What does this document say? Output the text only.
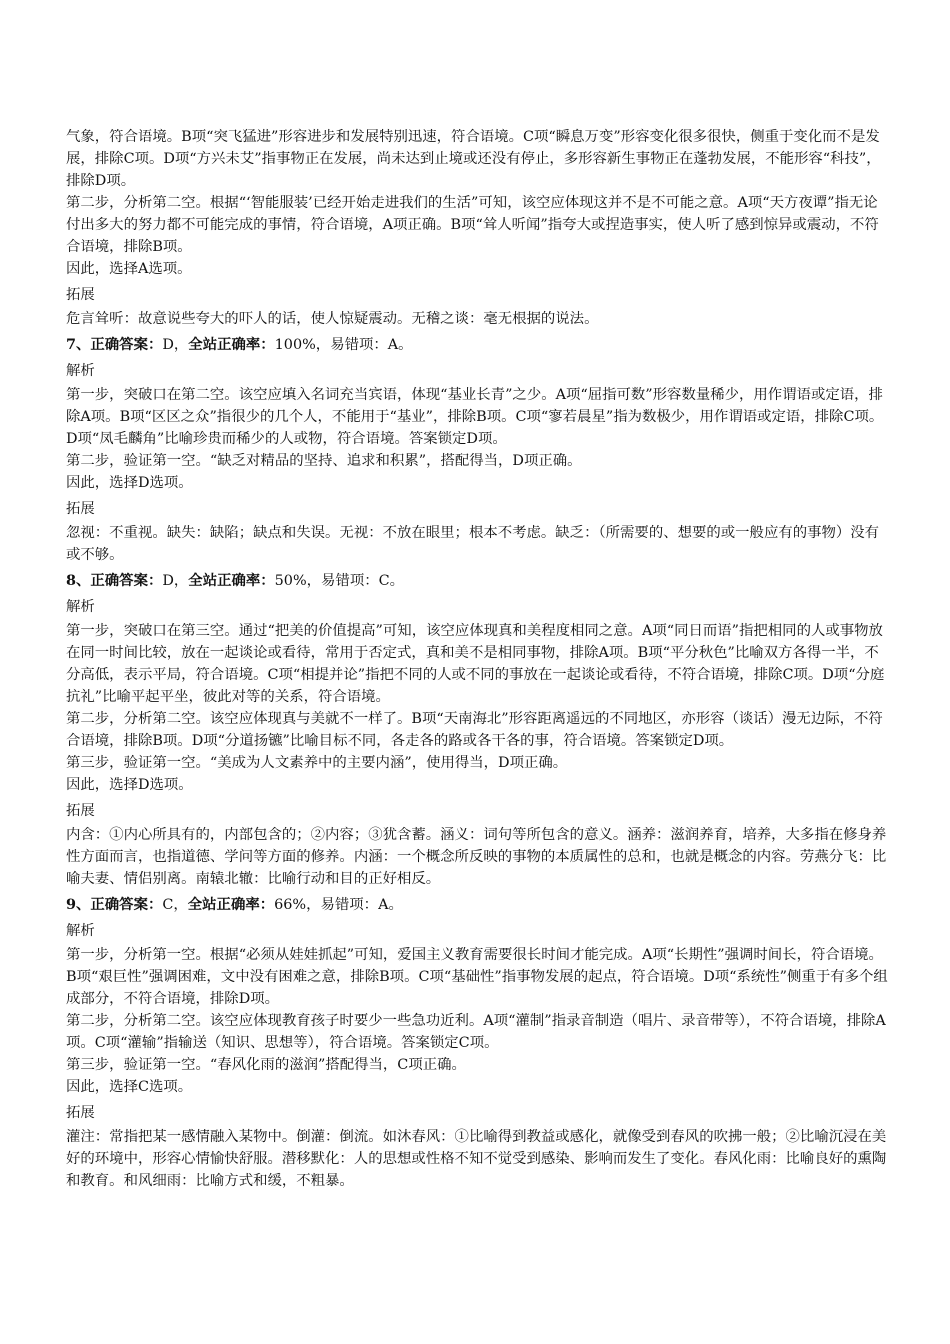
气象，符合语境。B项“突飞猛进”形容进步和发展特别迅速，符合语境。C项“瞬息万变”形容变化很多很快，侧重于变化而不是发展，排除C项。D项“方兴未艾”指事物正在发展，尚未达到止境或还没有停止，多形容新生事物正在蓬勃发展，不能形容“科技”，排除D项。

第二步，分析第二空。根据“‘智能服装’已经开始走进我们的生活”可知，该空应体现这并不是不可能之意。A项“天方夜谭”指无论付出多大的努力都不可能完成的事情，符合语境，A项正确。B项“耸人听闻”指夸大或捏造事实，使人听了感到惊异或震动，不符合语境，排除B项。

因此，选择A选项。

拓展

危言耸听：故意说些夸大的吓人的话，使人惊疑震动。无稽之谈：毫无根据的说法。

7、正确答案：D，全站正确率：100%，易错项：A。

解析

第一步，突破口在第二空。该空应填入名词充当宾语，体现“基业长青”之少。A项“屈指可数”形容数量稀少，用作谓语或定语，排除A项。B项“区区之众”指很少的几个人，不能用于“基业”，排除B项。C项“寥若晨星”指为数极少，用作谓语或定语，排除C项。D项“凤毛麟角”比喻珍贵而稀少的人或物，符合语境。答案锁定D项。

第二步，验证第一空。“缺乏对精品的坚持、追求和积累”，搭配得当，D项正确。

因此，选择D选项。

拓展

忽视：不重视。缺失：缺陷；缺点和失误。无视：不放在眼里；根本不考虑。缺乏：（所需要的、想要的或一般应有的事物）没有或不够。

8、正确答案：D，全站正确率：50%，易错项：C。

解析

第一步，突破口在第三空。通过“把美的价值提高”可知，该空应体现真和美程度相同之意。A项“同日而语”指把相同的人或事物放在同一时间比较，放在一起谈论或看待，常用于否定式，真和美不是相同事物，排除A项。B项“平分秋色”比喻双方各得一半，不分高低，表示平局，符合语境。C项“相提并论”指把不同的人或不同的事放在一起谈论或看待，不符合语境，排除C项。D项“分庭抗礼”比喻平起平坐，彼此对等的关系，符合语境。

第二步，分析第二空。该空应体现真与美就不一样了。B项“天南海北”形容距离遥远的不同地区，亦形容（谈话）漫无边际，不符合语境，排除B项。D项“分道扬镳”比喻目标不同，各走各的路或各干各的事，符合语境。答案锁定D项。

第三步，验证第一空。“美成为人文素养中的主要内涵”，使用得当，D项正确。

因此，选择D选项。

拓展

内含：①内心所具有的，内部包含的；②内容；③犹含蓄。涵义：词句等所包含的意义。涵养：滋润养育，培养，大多指在修身养性方面而言，也指道德、学问等方面的修养。内涵：一个概念所反映的事物的本质属性的总和，也就是概念的内容。劳燕分飞：比喻夫妻、情侣别离。南辕北辙：比喻行动和目的正好相反。

9、正确答案：C，全站正确率：66%，易错项：A。

解析

第一步，分析第一空。根据“必须从娃娃抓起”可知，爱国主义教育需要很长时间才能完成。A项“长期性”强调时间长，符合语境。B项“艰巨性”强调困难，文中没有困难之意，排除B项。C项“基础性”指事物发展的起点，符合语境。D项“系统性”侧重于有多个组成部分，不符合语境，排除D项。

第二步，分析第二空。该空应体现教育孩子时要少一些急功近利。A项“灌制”指录音制造（唱片、录音带等），不符合语境，排除A项。C项“灌输”指输送（知识、思想等），符合语境。答案锁定C项。

第三步，验证第一空。“春风化雨的滋润”搭配得当，C项正确。

因此，选择C选项。

拓展

灌注：常指把某一感情融入某物中。倒灌：倒流。如沐春风：①比喻得到教益或感化，就像受到春风的吹拂一般；②比喻沉浸在美好的环境中，形容心情愉快舒服。潜移默化：人的思想或性格不知不觉受到感染、影响而发生了变化。春风化雨：比喻良好的熏陶和教育。和风细雨：比喻方式和缓，不粗暴。
